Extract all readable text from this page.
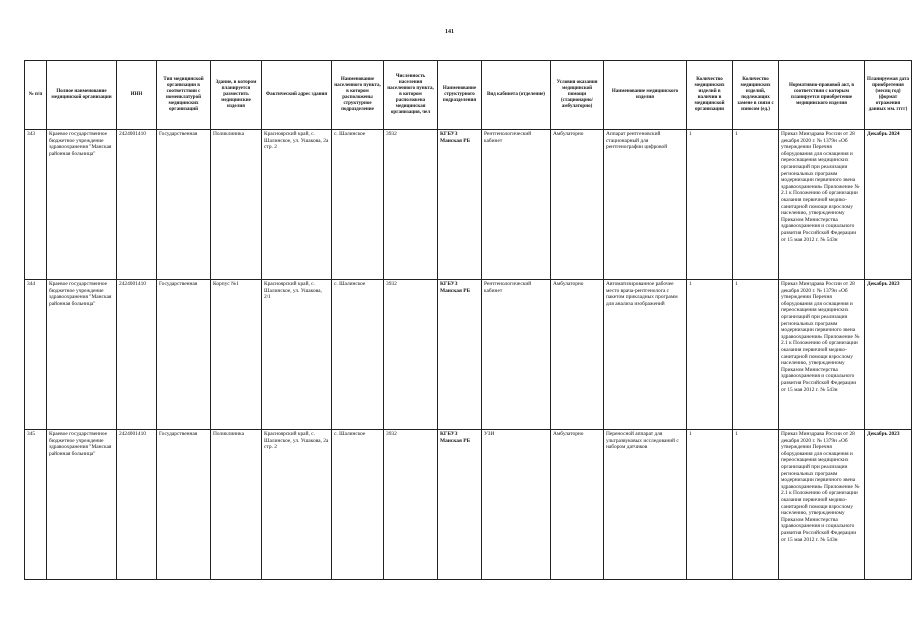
141
№ п/п	Полное наименование медицинской организации	ИНН	Тип медицинской организации в соответствии с номенклатурой медицинских организаций	Здание, в котором планируется разместить медицинские изделия	Фактический адрес здания	Наименование населенного пункта, в котором расположены структурное подразделение	Численность населения населенного пункта, в котором расположена медицинская организация, чел	Наименование структурного подразделения	Вид кабинета (отделение)	Условия оказания медицинской помощи (стационарно/ амбулаторно)	Наименование медицинского изделия	Количество медицинских изделий в наличии в медицинской организации	Количество медицинских изделий, подлежащих замене в связи с износом (ед.)	Нормативно-правовой акт, в соответствии с которым планируется приобретение медицинского изделия	Планируемая дата приобретения (месяц год) (формат отражения данных мм. гггг)
343	Краевое государственное бюджетное учреждение здравоохранения "Манская районная больница"	2424001410	Государственная	Поликлиника	Красноярский край, с. Шалинское, ул. Ушакова, 2а стр. 2	с. Шалинское	3932	КГБУЗ Манская РБ	Рентгенологический кабинет	Амбулаторно	Аппарат рентгеновский стационарный для рентгенографии цифровой	1	1	Приказ Минздрава России от 28 декабря 2020 г. № 1379н «Об утверждении Перечня оборудования для оснащения и переоснащения медицинских организаций при реализации региональных программ модернизации первичного звена здравоохранения» Приложение № 2.1 к Положению об организации оказания первичной медико-санитарной помощи взрослому населению, утвержденному Приказом Министерства здравоохранения и социального развития Российской Федерации от 15 мая 2012 г. № 543н	Декабрь 2024
344	Краевое государственное бюджетное учреждение здравоохранения "Манская районная больница"	2424001410	Государственная	Корпус №1	Красноярский край, с. Шалинское, ул. Ушакова, 2/1	с. Шалинское	3932	КГБУЗ Манская РБ	Рентгенологический кабинет	Амбулаторно	Автоматизированное рабочее место врача-рентгенолога с пакетом прикладных программ для анализа изображений	1	1	Приказ Минздрава России от 28 декабря 2020 г. № 1379н «Об утверждении Перечня оборудования для оснащения и переоснащения медицинских организаций при реализации региональных программ модернизации первичного звена здравоохранения» Приложение № 2.1 к Положению об организации оказания первичной медико-санитарной помощи взрослому населению, утвержденному Приказом Министерства здравоохранения и социального развития Российской Федерации от 15 мая 2012 г. № 543н	Декабрь 2023
345	Краевое государственное бюджетное учреждение здравоохранения "Манская районная больница"	2424001410	Государственная	Поликлиника	Красноярский край, с. Шалинское, ул. Ушакова, 2а стр. 2	с. Шалинское	3932	КГБУЗ Манская РБ	УЗИ	Амбулаторно	Переносной аппарат для ультразвуковых исследований с набором датчиков	1	1	Приказ Минздрава России от 28 декабря 2020 г. № 1379н «Об утверждении Перечня оборудования для оснащения и переоснащения медицинских организаций при реализации региональных программ модернизации первичного звена здравоохранения» Приложение № 2.1 к Положению об организации оказания первичной медико-санитарной помощи взрослому населению, утвержденному Приказом Министерства здравоохранения и социального развития Российской Федерации от 15 мая 2012 г. № 543н	Декабрь 2023
